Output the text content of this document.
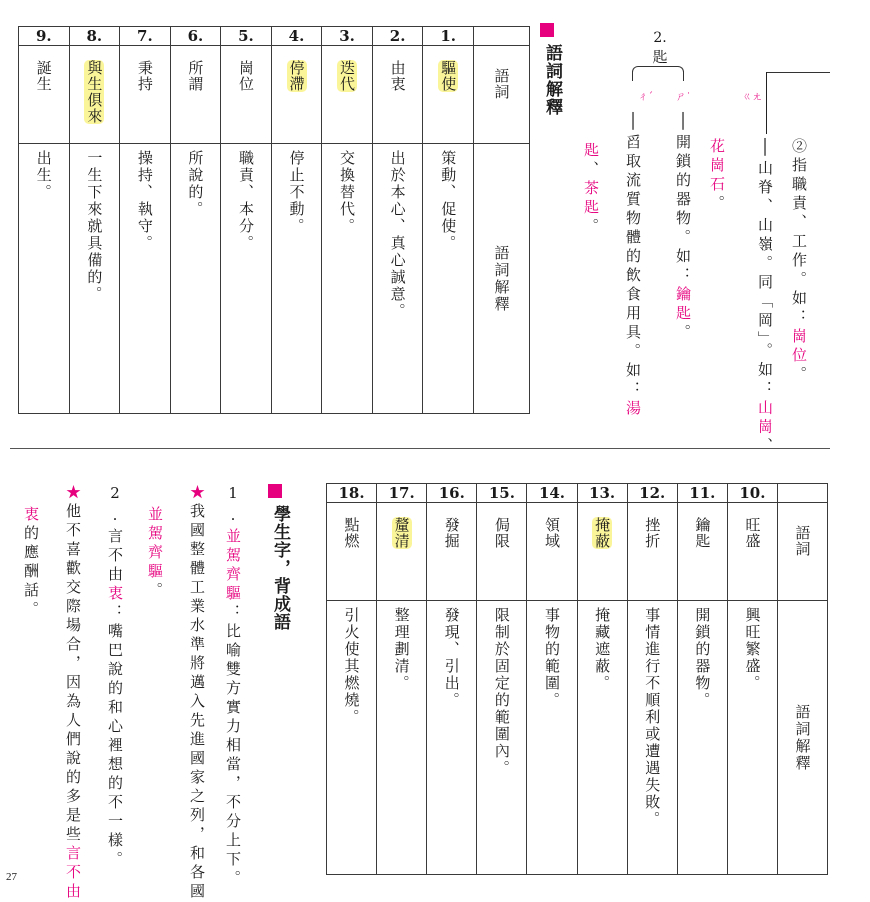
9.	8.	7.	6.	5.	4.	3.	2.	1.	

誕生	與生俱來	秉持	所謂	崗位	停滯	迭代	由衷	驅使	語詞

出生。	一生下來就具備的。	操持、執守。	所說的。	職責、本分。	停止不動。	交換替代。	出於本心、真心誠意。	策動、促使。	語詞解釋
語詞解釋
2.
匙
ㄔˊ ㄕ˙
│開鎖的器物。如：鑰匙。
│舀取流質物體的飲食用具。如：湯
匙、茶匙。
ㄍㄤ
②指職責、工作。如：崗位。
│山脊、山嶺。同「岡」。如：山崗、
花崗石。
學生字，背成語
1.並駕齊驅：比喻雙方實力相當，不分上下。
★我國整體工業水準將邁入先進國家之列，和各國
並駕齊驅。
2.言不由衷：嘴巴說的和心裡想的不一樣。
★他不喜歡交際場合，因為人們說的多是些言不由
衷的應酬話。
18.	17.	16.	15.	14.	13.	12.	11.	10.	

點燃	釐清	發掘	侷限	領域	掩蔽	挫折	鑰匙	旺盛	語詞

引火使其燃燒。	整理劃清。	發現、引出。	限制於固定的範圍內。	事物的範圍。	掩藏遮蔽。	事情進行不順利或遭遇失敗。	開鎖的器物。	興旺繁盛。	語詞解釋
27
